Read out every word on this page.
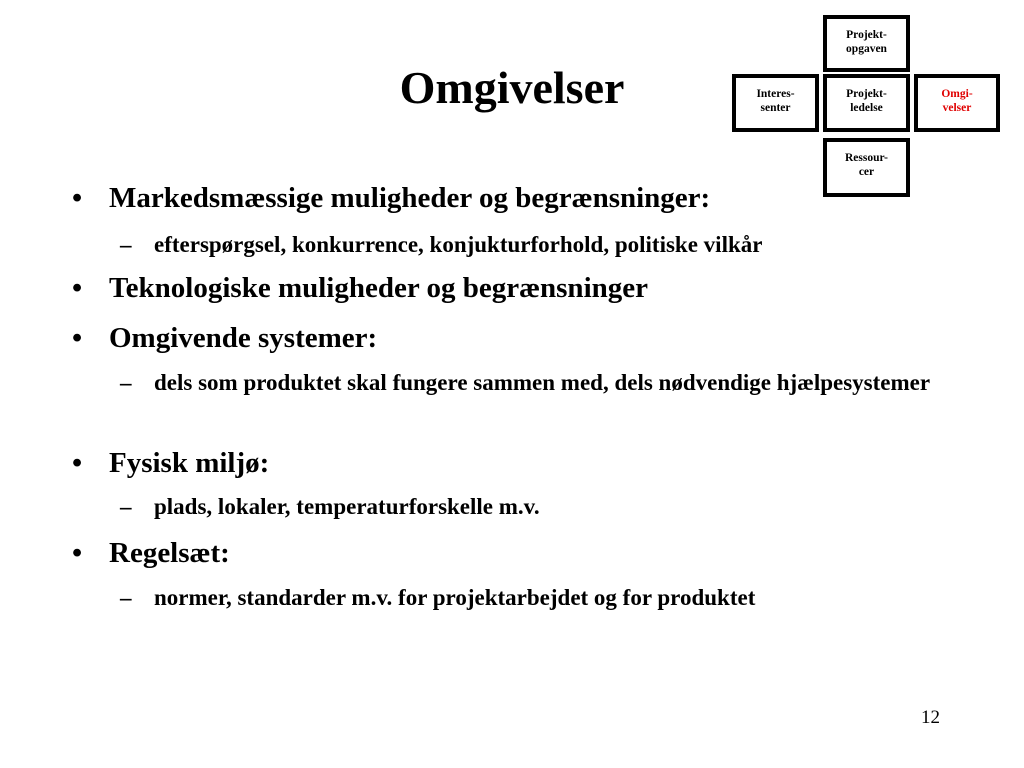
Omgivelser
Projekt-
opgaven
Interes-
senter
Projekt-
ledelse
Omgi-
velser
Ressour-
cer
• Markedsmæssige muligheder og begrænsninger:
– efterspørgsel, konkurrence, konjukturforhold, politiske vilkår
• Teknologiske muligheder og begrænsninger
• Omgivende systemer:
– dels som produktet skal fungere sammen med, dels nødvendige hjælpesystemer
• Fysisk miljø:
– plads, lokaler, temperaturforskelle m.v.
• Regelsæt:
– normer, standarder m.v. for projektarbejdet og for produktet
12
